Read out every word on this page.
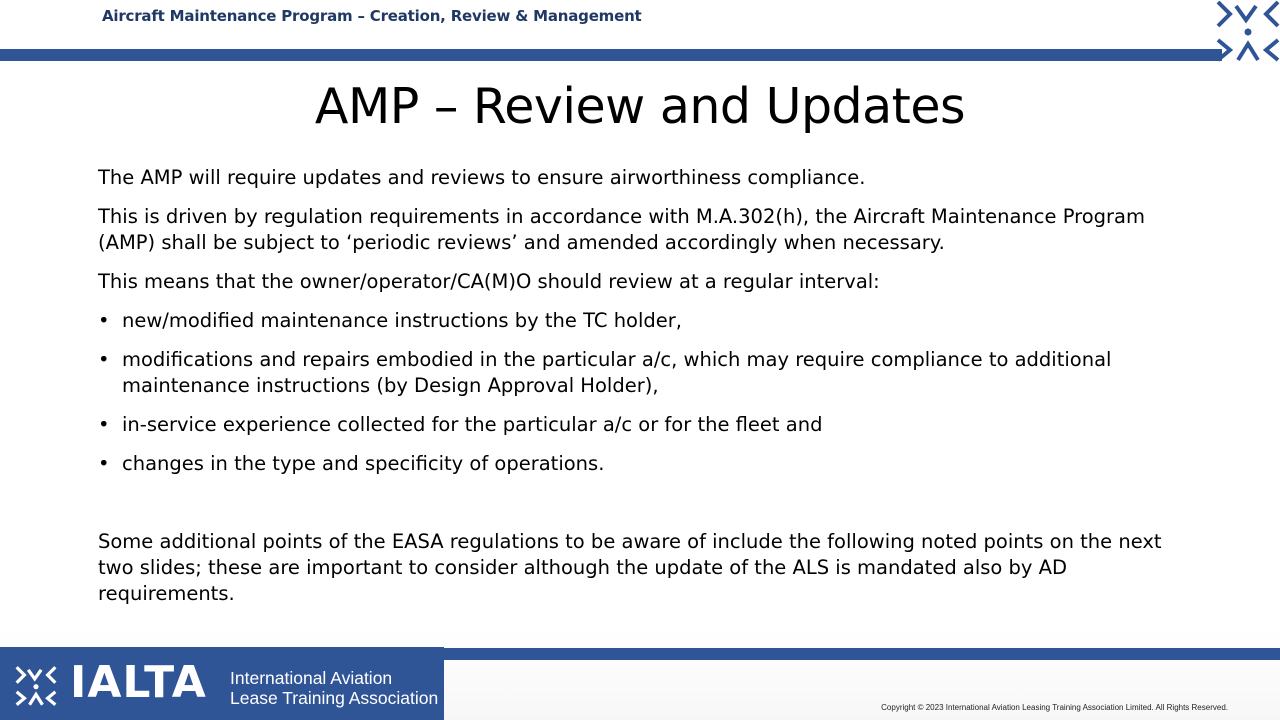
Aircraft Maintenance Program – Creation, Review & Management
AMP – Review and Updates

The AMP will require updates and reviews to ensure airworthiness compliance.

This is driven by regulation requirements in accordance with M.A.302(h), the Aircraft Maintenance Program (AMP) shall be subject to ‘periodic reviews’ and amended accordingly when necessary.

This means that the owner/operator/CA(M)O should review at a regular interval:

• new/modified maintenance instructions by the TC holder,
• modifications and repairs embodied in the particular a/c, which may require compliance to additional maintenance instructions (by Design Approval Holder),
• in-service experience collected for the particular a/c or for the fleet and
• changes in the type and specificity of operations.

Some additional points of the EASA regulations to be aware of include the following noted points on the next two slides; these are important to consider although the update of the ALS is mandated also by AD requirements.

IALTA International Aviation
Lease Training Association	Copyright © 2023 International Aviation Leasing Training Association Limited. All Rights Reserved.
